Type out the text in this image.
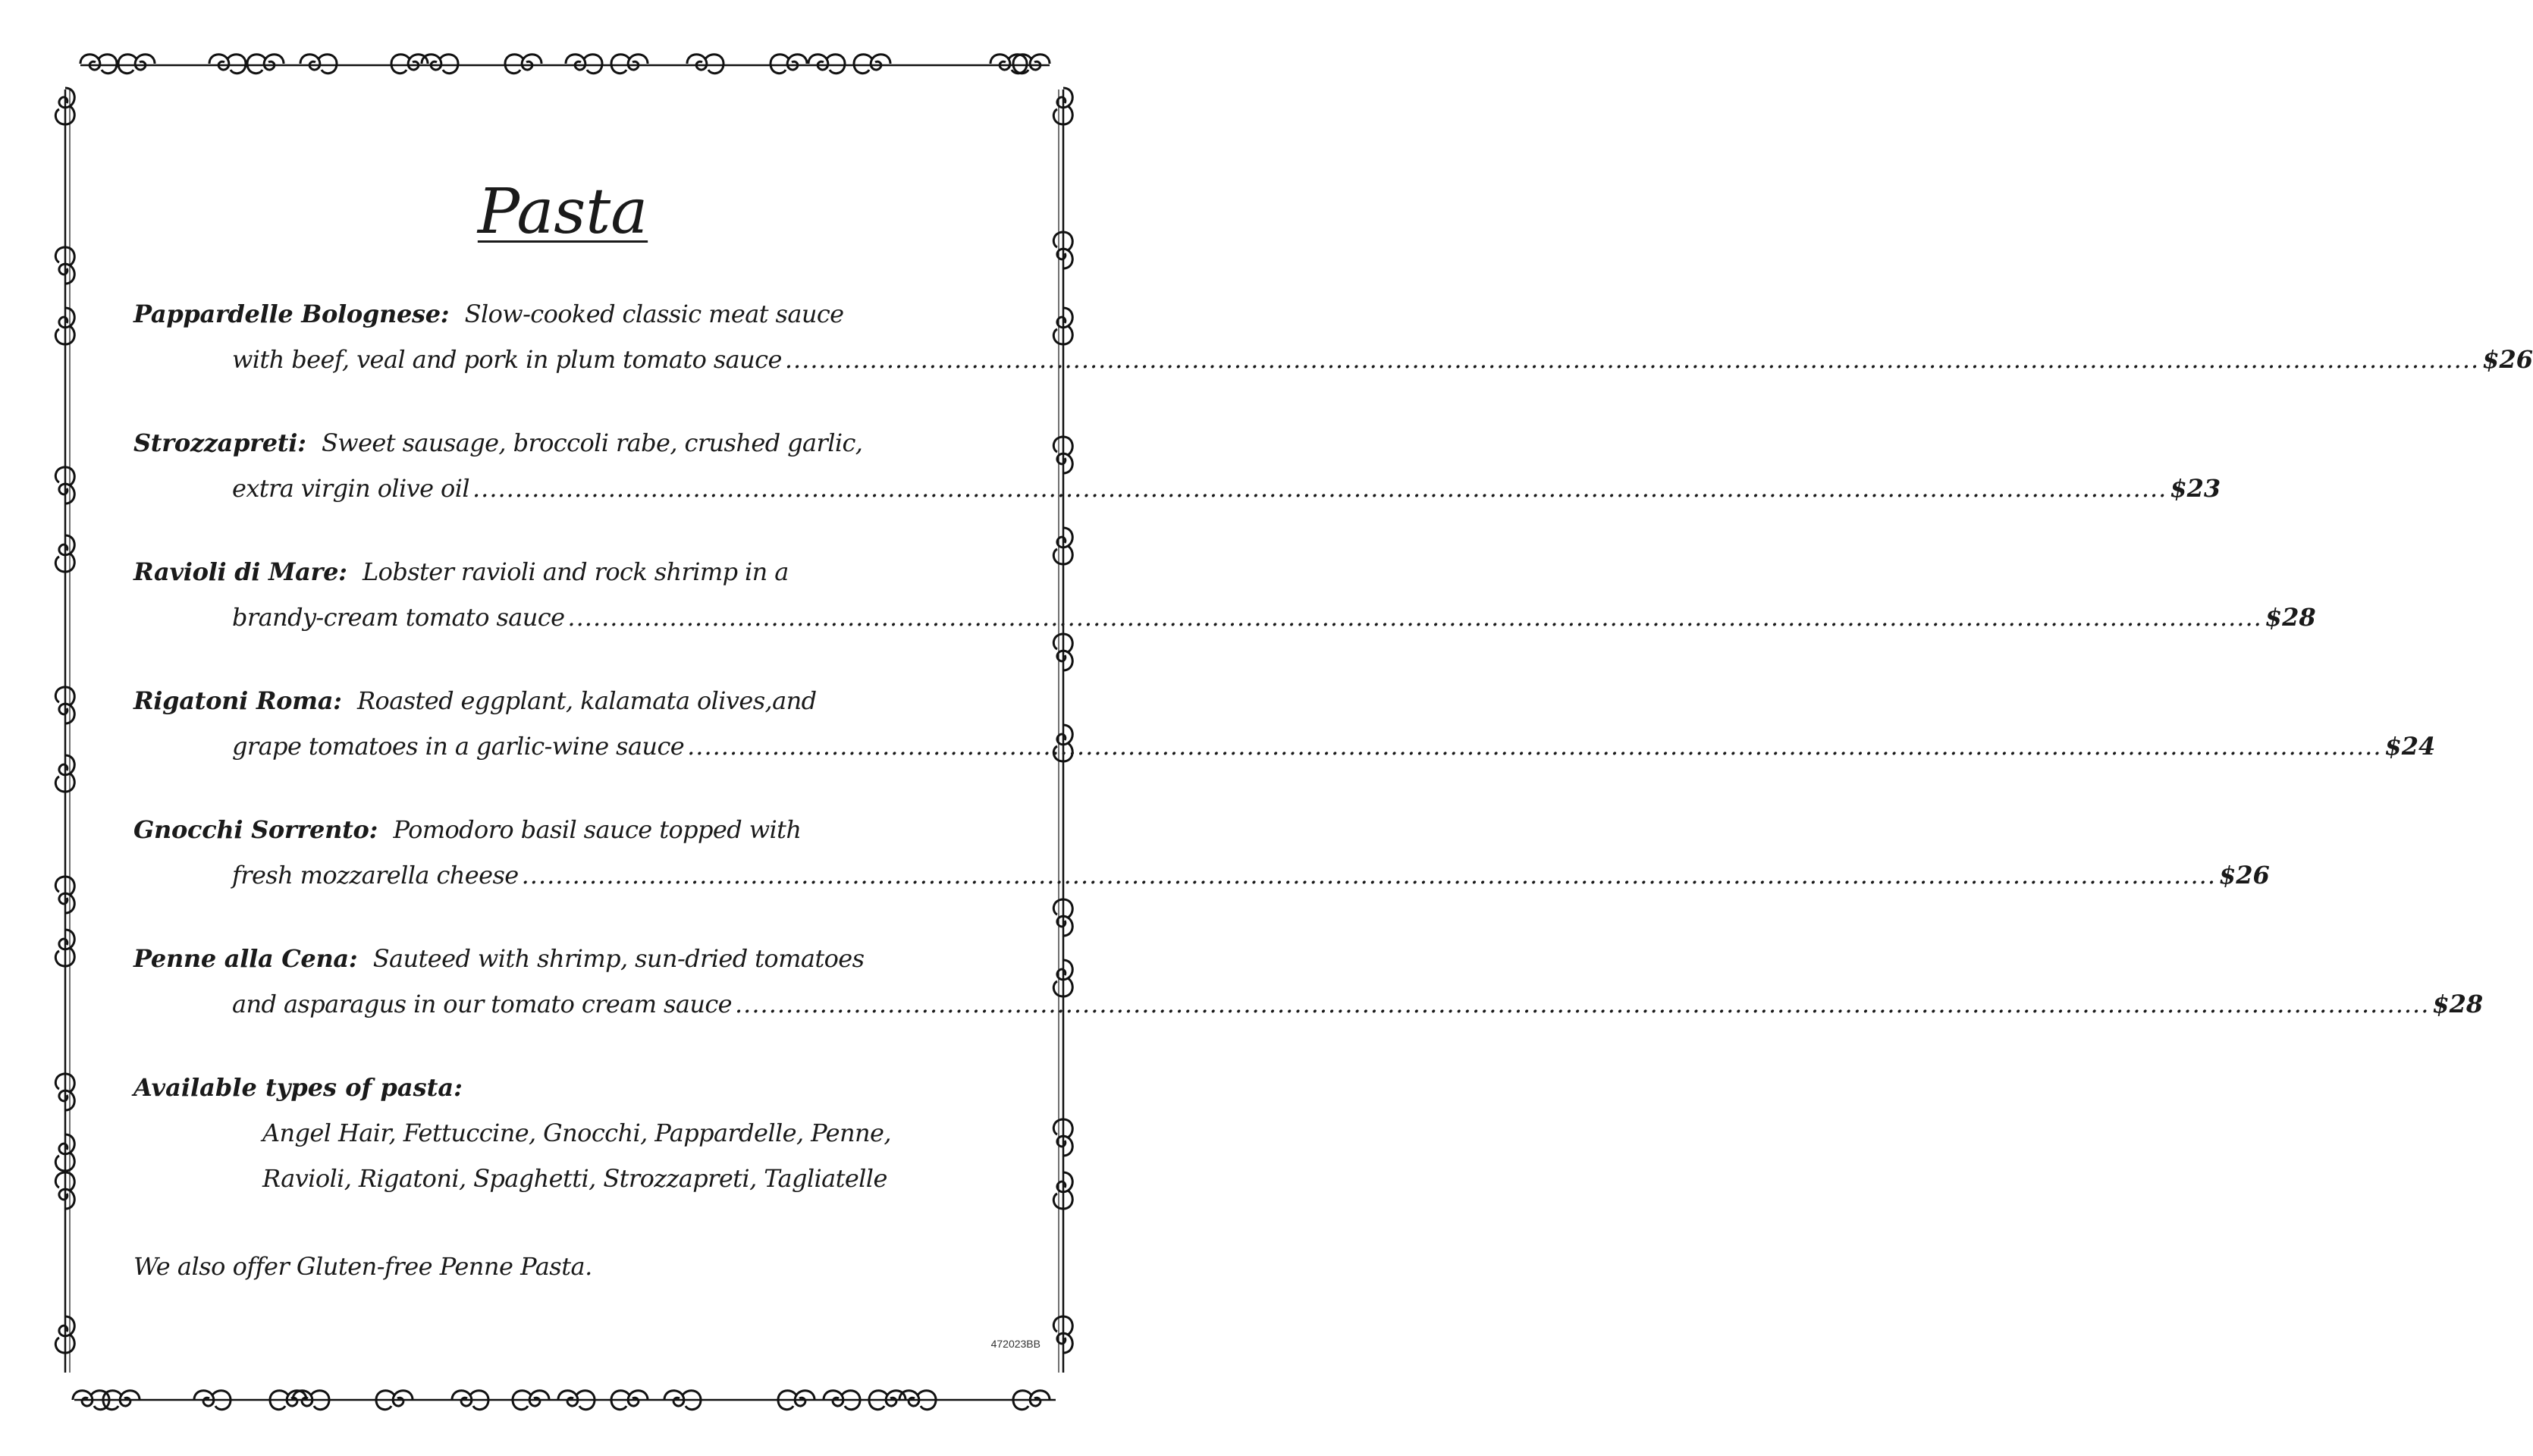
Pasta
Pappardelle Bolognese: Slow-cooked classic meat sauce
with beef, veal and pork in plum tomato sauce ........................................................................................................................................................................................................ $26
Strozzapreti: Sweet sausage, broccoli rabe, crushed garlic,
extra virgin olive oil ........................................................................................................................................................................................................ $23
Ravioli di Mare: Lobster ravioli and rock shrimp in a
brandy-cream tomato sauce ........................................................................................................................................................................................................ $28
Rigatoni Roma: Roasted eggplant, kalamata olives,and
grape tomatoes in a garlic-wine sauce ........................................................................................................................................................................................................ $24
Gnocchi Sorrento: Pomodoro basil sauce topped with
fresh mozzarella cheese ........................................................................................................................................................................................................ $26
Penne alla Cena: Sauteed with shrimp, sun-dried tomatoes
and asparagus in our tomato cream sauce ........................................................................................................................................................................................................ $28
Available types of pasta:
Angel Hair, Fettuccine, Gnocchi, Pappardelle, Penne,
Ravioli, Rigatoni, Spaghetti, Strozzapreti, Tagliatelle
We also offer Gluten-free Penne Pasta.
472023BB
